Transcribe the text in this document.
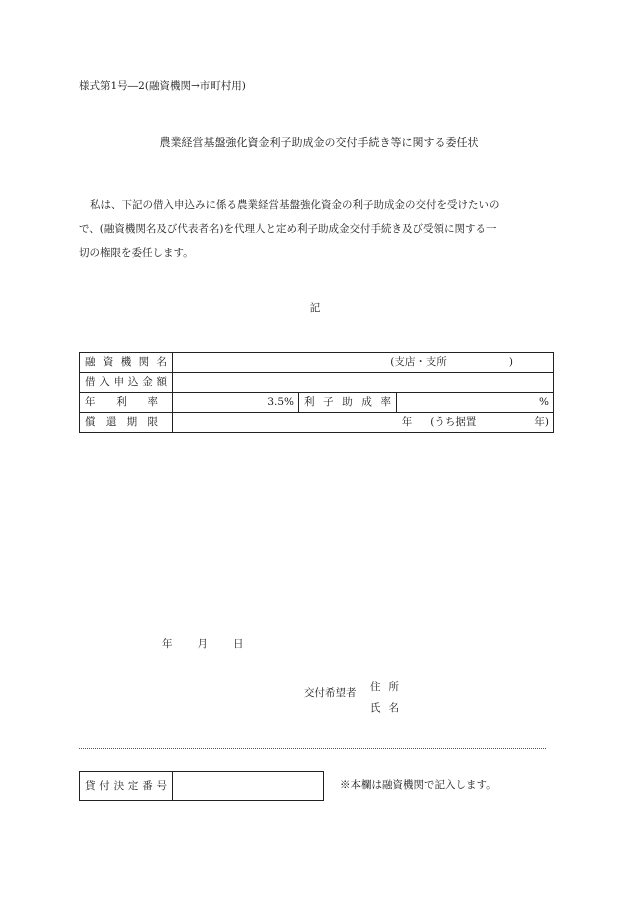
様式第1号―2(融資機関→市町村用)
農業経営基盤強化資金利子助成金の交付手続き等に関する委任状
私は、下記の借入申込みに係る農業経営基盤強化資金の利子助成金の交付を受けたいの
で、(融資機関名及び代表者名)を代理人と定め利子助成金交付手続き及び受領に関する一
切の権限を委任します。
記
融資機関名	(支店・支所 )		
借入申込金額			
年利率	3.5%	利子助成率	%
償還期限	年 (うち据置 年)		
年 月 日
交付希望者 住所
氏名
貸付決定番号		※本欄は融資機関で記入します。
